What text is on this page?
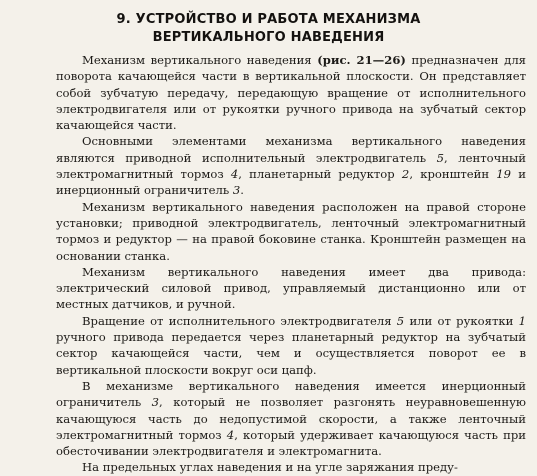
9. УСТРОЙСТВО И РАБОТА МЕХАНИЗМА
ВЕРТИКАЛЬНОГО НАВЕДЕНИЯ

Механизм вертикального наведения (рис. 21—26) предназначен для поворота качающейся части в вертикальной плоскости. Он представляет собой зубчатую передачу, передающую вращение от исполнительного электродвигателя или от рукоятки ручного привода на зубчатый сектор качающейся части.

Основными элементами механизма вертикального наведения являются приводной исполнительный электродвигатель 5, ленточный электромагнитный тормоз 4, планетарный редуктор 2, кронштейн 19 и инерционный ограничитель 3.

Механизм вертикального наведения расположен на правой стороне установки; приводной электродвигатель, ленточный электромагнитный тормоз и редуктор — на правой боковине станка. Кронштейн размещен на основании станка.

Механизм вертикального наведения имеет два привода: электрический силовой привод, управляемый дистанционно или от местных датчиков, и ручной.

Вращение от исполнительного электродвигателя 5 или от рукоятки 1 ручного привода передается через планетарный редуктор на зубчатый сектор качающейся части, чем и осуществляется поворот ее в вертикальной плоскости вокруг оси цапф.

В механизме вертикального наведения имеется инерционный ограничитель 3, который не позволяет разгонять неуравновешенную качающуюся часть до недопустимой скорости, а также ленточный электромагнитный тормоз 4, который удерживает качающуюся часть при обесточивании электродвигателя и электромагнита.

На предельных углах наведения и на угле заряжания преду-
